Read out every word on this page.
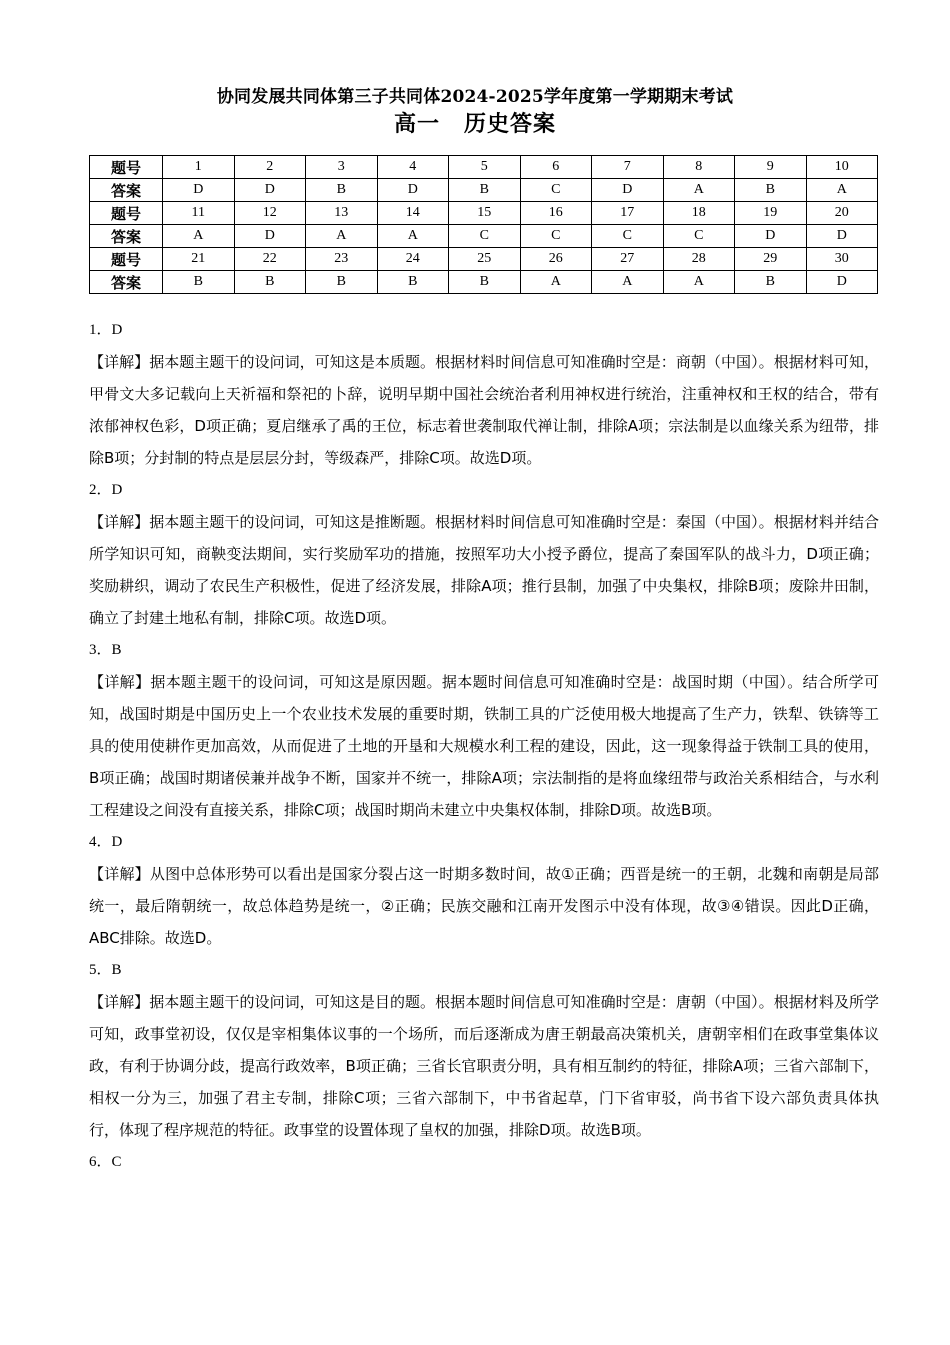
协同发展共同体第三子共同体2024-2025学年度第一学期期末考试
高一 历史答案
题号	1	2	3	4	5	6	7	8	9	10
答案	D	D	B	D	B	C	D	A	B	A
题号	11	12	13	14	15	16	17	18	19	20
答案	A	D	A	A	C	C	C	C	D	D
题号	21	22	23	24	25	26	27	28	29	30
答案	B	B	B	B	B	A	A	A	B	D
1．D
【详解】据本题主题干的设问词，可知这是本质题。根据材料时间信息可知准确时空是：商朝（中国）。根据材料可知，甲骨文大多记载向上天祈福和祭祀的卜辞，说明早期中国社会统治者利用神权进行统治，注重神权和王权的结合，带有浓郁神权色彩，D项正确；夏启继承了禹的王位，标志着世袭制取代禅让制，排除A项；宗法制是以血缘关系为纽带，排除B项；分封制的特点是层层分封，等级森严，排除C项。故选D项。
2．D
【详解】据本题主题干的设问词，可知这是推断题。根据材料时间信息可知准确时空是：秦国（中国）。根据材料并结合所学知识可知，商鞅变法期间，实行奖励军功的措施，按照军功大小授予爵位，提高了秦国军队的战斗力，D项正确；奖励耕织，调动了农民生产积极性，促进了经济发展，排除A项；推行县制，加强了中央集权，排除B项；废除井田制，确立了封建土地私有制，排除C项。故选D项。
3．B
【详解】据本题主题干的设问词，可知这是原因题。据本题时间信息可知准确时空是：战国时期（中国）。结合所学可知，战国时期是中国历史上一个农业技术发展的重要时期，铁制工具的广泛使用极大地提高了生产力，铁犁、铁锛等工具的使用使耕作更加高效，从而促进了土地的开垦和大规模水利工程的建设，因此，这一现象得益于铁制工具的使用，B项正确；战国时期诸侯兼并战争不断，国家并不统一，排除A项；宗法制指的是将血缘纽带与政治关系相结合，与水利工程建设之间没有直接关系，排除C项；战国时期尚未建立中央集权体制，排除D项。故选B项。
4．D
【详解】从图中总体形势可以看出是国家分裂占这一时期多数时间，故①正确；西晋是统一的王朝，北魏和南朝是局部统一，最后隋朝统一，故总体趋势是统一，②正确；民族交融和江南开发图示中没有体现，故③④错误。因此D正确，ABC排除。故选D。
5．B
【详解】据本题主题干的设问词，可知这是目的题。根据本题时间信息可知准确时空是：唐朝（中国）。根据材料及所学可知，政事堂初设，仅仅是宰相集体议事的一个场所，而后逐渐成为唐王朝最高决策机关，唐朝宰相们在政事堂集体议政，有利于协调分歧，提高行政效率，B项正确；三省长官职责分明，具有相互制约的特征，排除A项；三省六部制下，相权一分为三，加强了君主专制，排除C项；三省六部制下，中书省起草，门下省审驳，尚书省下设六部负责具体执行，体现了程序规范的特征。政事堂的设置体现了皇权的加强，排除D项。故选B项。
6．C
